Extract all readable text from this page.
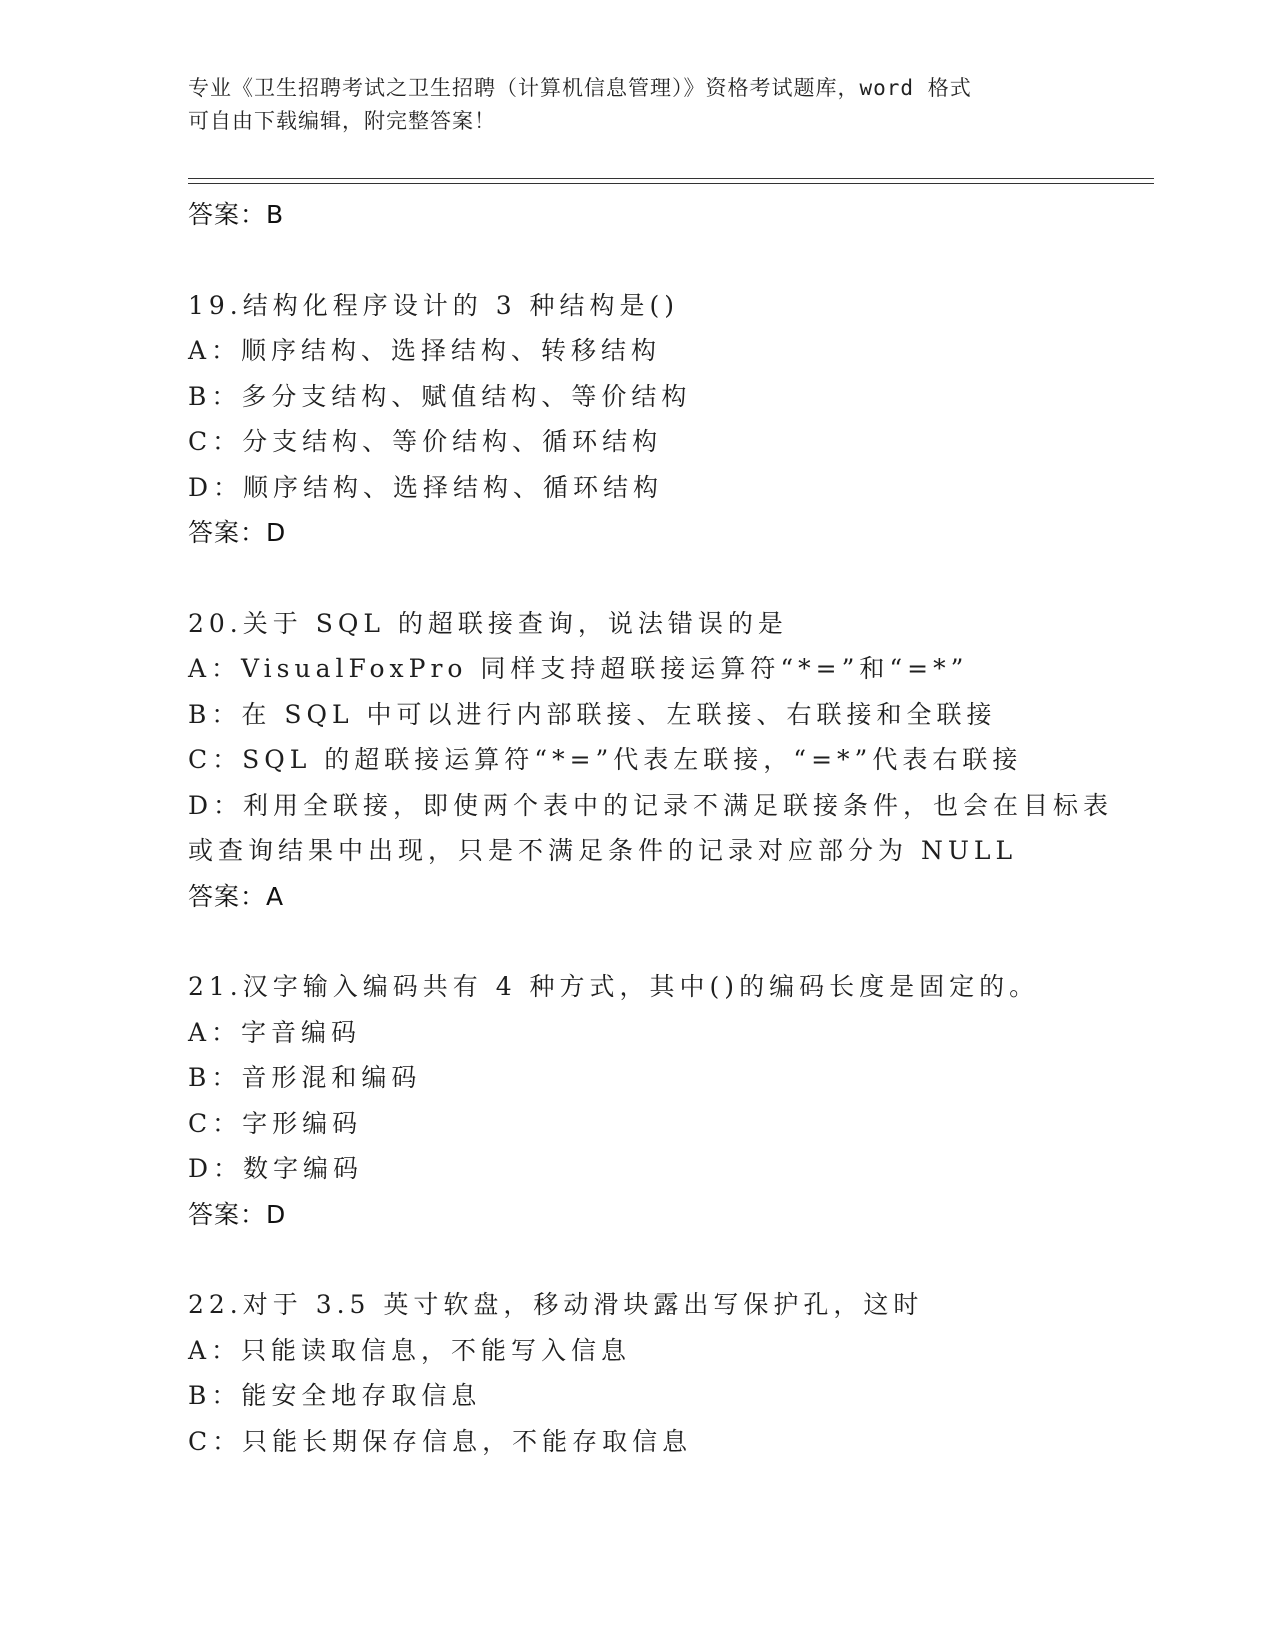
专业《卫生招聘考试之卫生招聘（计算机信息管理）》资格考试题库，word 格式
可自由下载编辑，附完整答案！
答案：B
19.结构化程序设计的 3 种结构是()
A：顺序结构、选择结构、转移结构
B：多分支结构、赋值结构、等价结构
C：分支结构、等价结构、循环结构
D：顺序结构、选择结构、循环结构
答案：D
20.关于 SQL 的超联接查询，说法错误的是
A：VisualFoxPro 同样支持超联接运算符“*=”和“=*”
B：在 SQL 中可以进行内部联接、左联接、右联接和全联接
C：SQL 的超联接运算符“*=”代表左联接，“=*”代表右联接
D：利用全联接，即使两个表中的记录不满足联接条件，也会在目标表
或查询结果中出现，只是不满足条件的记录对应部分为 NULL
答案：A
21.汉字输入编码共有 4 种方式，其中()的编码长度是固定的。
A：字音编码
B：音形混和编码
C：字形编码
D：数字编码
答案：D
22.对于 3.5 英寸软盘，移动滑块露出写保护孔，这时
A：只能读取信息，不能写入信息
B：能安全地存取信息
C：只能长期保存信息，不能存取信息
